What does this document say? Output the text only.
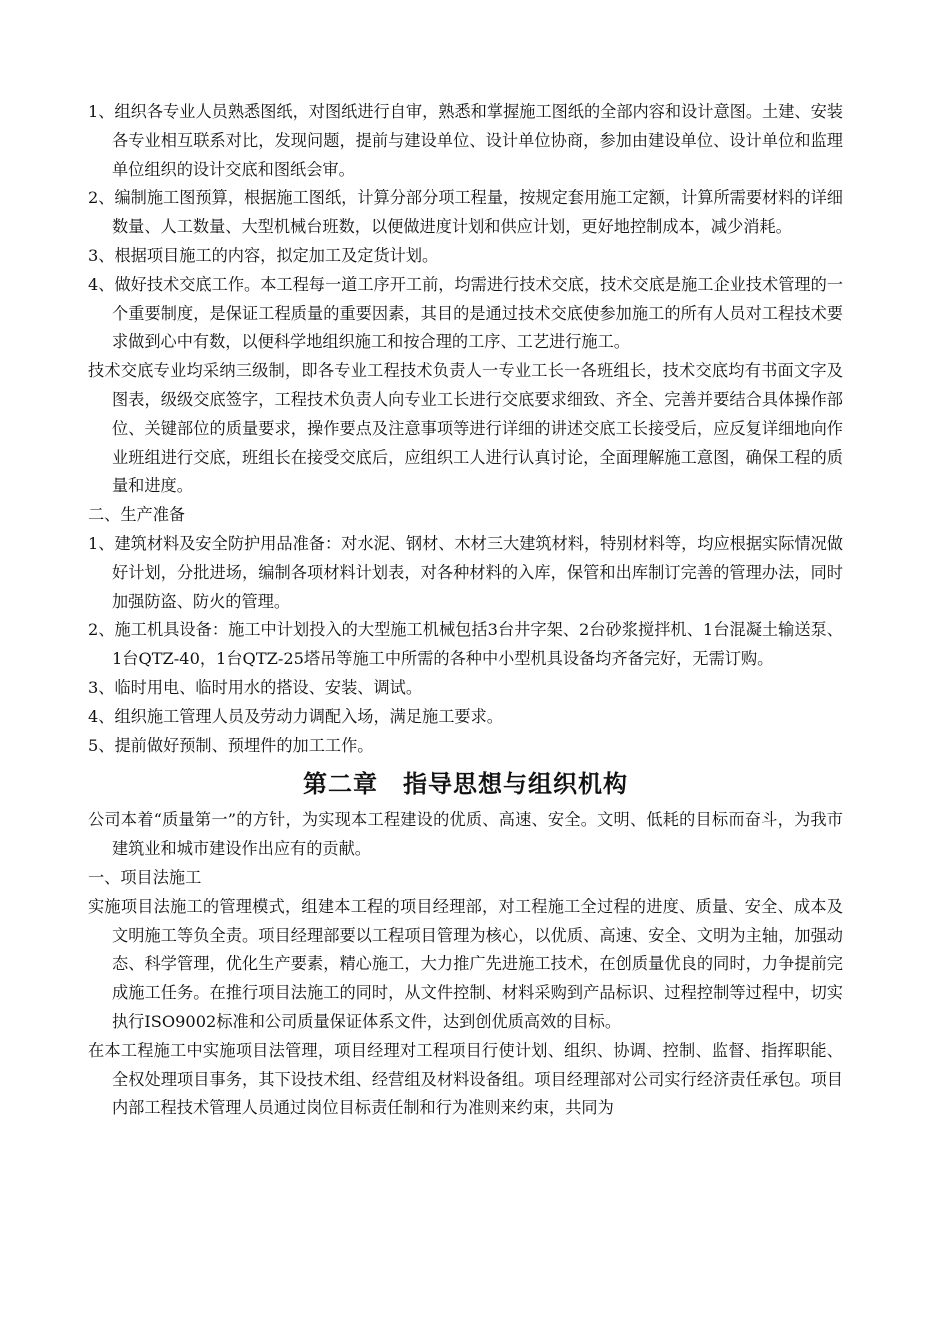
1、组织各专业人员熟悉图纸，对图纸进行自审，熟悉和掌握施工图纸的全部内容和设计意图。土建、安装各专业相互联系对比，发现问题，提前与建设单位、设计单位协商，参加由建设单位、设计单位和监理单位组织的设计交底和图纸会审。

2、编制施工图预算，根据施工图纸，计算分部分项工程量，按规定套用施工定额，计算所需要材料的详细数量、人工数量、大型机械台班数，以便做进度计划和供应计划，更好地控制成本，减少消耗。

3、根据项目施工的内容，拟定加工及定货计划。

4、做好技术交底工作。本工程每一道工序开工前，均需进行技术交底，技术交底是施工企业技术管理的一个重要制度，是保证工程质量的重要因素，其目的是通过技术交底使参加施工的所有人员对工程技术要求做到心中有数，以便科学地组织施工和按合理的工序、工艺进行施工。

技术交底专业均采纳三级制，即各专业工程技术负责人一专业工长一各班组长，技术交底均有书面文字及图表，级级交底签字，工程技术负责人向专业工长进行交底要求细致、齐全、完善并要结合具体操作部位、关键部位的质量要求，操作要点及注意事项等进行详细的讲述交底工长接受后，应反复详细地向作业班组进行交底，班组长在接受交底后，应组织工人进行认真讨论，全面理解施工意图，确保工程的质量和进度。

二、生产准备

1、建筑材料及安全防护用品准备：对水泥、钢材、木材三大建筑材料，特别材料等，均应根据实际情况做好计划，分批进场，编制各项材料计划表，对各种材料的入库，保管和出库制订完善的管理办法，同时加强防盗、防火的管理。

2、施工机具设备：施工中计划投入的大型施工机械包括3台井字架、2台砂浆搅拌机、1台混凝土输送泵、1台QTZ-40，1台QTZ-25塔吊等施工中所需的各种中小型机具设备均齐备完好，无需订购。

3、临时用电、临时用水的搭设、安装、调试。

4、组织施工管理人员及劳动力调配入场，满足施工要求。

5、提前做好预制、预埋件的加工工作。

第二章　指导思想与组织机构

公司本着“质量第一”的方针，为实现本工程建设的优质、高速、安全。文明、低耗的目标而奋斗，为我市建筑业和城市建设作出应有的贡献。

一、项目法施工

实施项目法施工的管理模式，组建本工程的项目经理部，对工程施工全过程的进度、质量、安全、成本及文明施工等负全责。项目经理部要以工程项目管理为核心，以优质、高速、安全、文明为主轴，加强动态、科学管理，优化生产要素，精心施工，大力推广先进施工技术，在创质量优良的同时，力争提前完成施工任务。在推行项目法施工的同时，从文件控制、材料采购到产品标识、过程控制等过程中，切实执行ISO9002标准和公司质量保证体系文件，达到创优质高效的目标。

在本工程施工中实施项目法管理，项目经理对工程项目行使计划、组织、协调、控制、监督、指挥职能、全权处理项目事务，其下设技术组、经营组及材料设备组。项目经理部对公司实行经济责任承包。项目内部工程技术管理人员通过岗位目标责任制和行为准则来约束，共同为
